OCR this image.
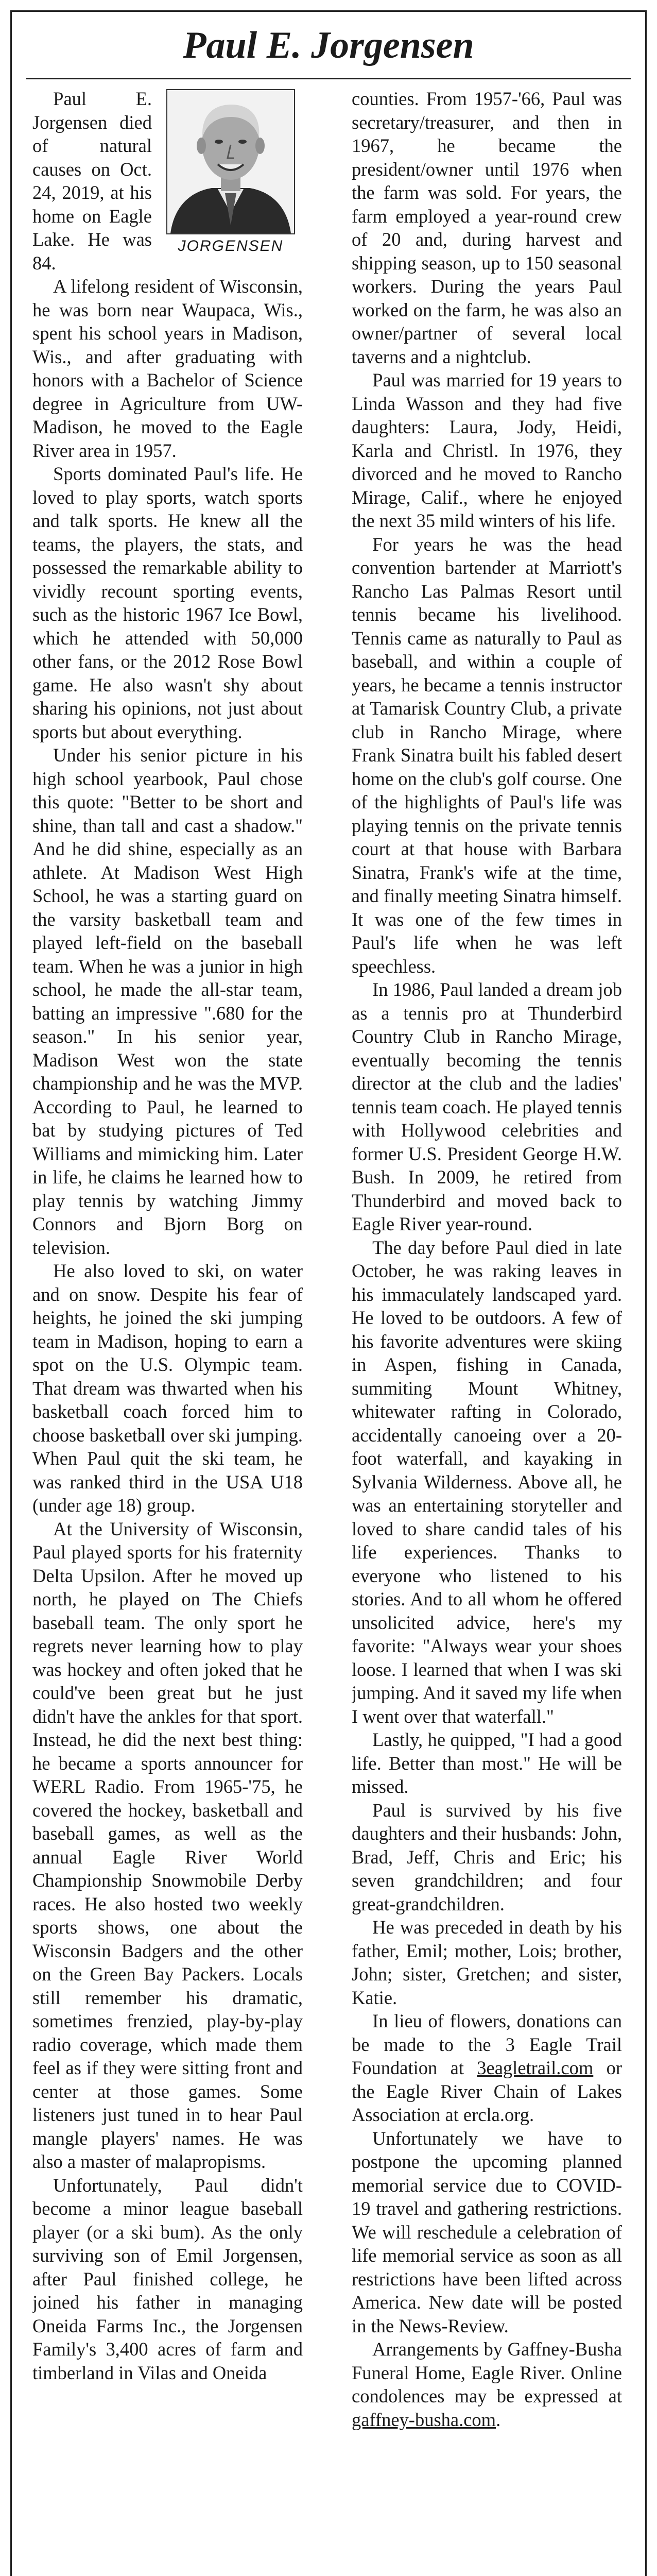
Paul E. Jorgensen
JORGENSEN

Paul E. Jorgensen died of natural causes on Oct. 24, 2019, at his home on Eagle Lake. He was 84.

A lifelong resident of Wisconsin, he was born near Waupaca, Wis., spent his school years in Madison, Wis., and after graduating with honors with a Bachelor of Science degree in Agriculture from UW-Madison, he moved to the Eagle River area in 1957.

Sports dominated Paul's life. He loved to play sports, watch sports and talk sports. He knew all the teams, the players, the stats, and possessed the remarkable ability to vividly recount sporting events, such as the historic 1967 Ice Bowl, which he attended with 50,000 other fans, or the 2012 Rose Bowl game. He also wasn't shy about sharing his opinions, not just about sports but about everything.

Under his senior picture in his high school yearbook, Paul chose this quote: "Better to be short and shine, than tall and cast a shadow." And he did shine, especially as an athlete. At Madison West High School, he was a starting guard on the varsity basketball team and played left-field on the baseball team. When he was a junior in high school, he made the all-star team, batting an impressive ".680 for the season." In his senior year, Madison West won the state championship and he was the MVP. According to Paul, he learned to bat by studying pictures of Ted Williams and mimicking him. Later in life, he claims he learned how to play tennis by watching Jimmy Connors and Bjorn Borg on television.

He also loved to ski, on water and on snow. Despite his fear of heights, he joined the ski jumping team in Madison, hoping to earn a spot on the U.S. Olympic team. That dream was thwarted when his basketball coach forced him to choose basketball over ski jumping. When Paul quit the ski team, he was ranked third in the USA U18 (under age 18) group.

At the University of Wisconsin, Paul played sports for his fraternity Delta Upsilon. After he moved up north, he played on The Chiefs baseball team. The only sport he regrets never learning how to play was hockey and often joked that he could've been great but he just didn't have the ankles for that sport. Instead, he did the next best thing: he became a sports announcer for WERL Radio. From 1965-'75, he covered the hockey, basketball and baseball games, as well as the annual Eagle River World Championship Snowmobile Derby races. He also hosted two weekly sports shows, one about the Wisconsin Badgers and the other on the Green Bay Packers. Locals still remember his dramatic, sometimes frenzied, play-by-play radio coverage, which made them feel as if they were sitting front and center at those games. Some listeners just tuned in to hear Paul mangle players' names. He was also a master of malapropisms.

Unfortunately, Paul didn't become a minor league baseball player (or a ski bum). As the only surviving son of Emil Jorgensen, after Paul finished college, he joined his father in managing Oneida Farms Inc., the Jorgensen Family's 3,400 acres of farm and timberland in Vilas and Oneida

counties. From 1957-'66, Paul was secretary/treasurer, and then in 1967, he became the president/owner until 1976 when the farm was sold. For years, the farm employed a year-round crew of 20 and, during harvest and shipping season, up to 150 seasonal workers. During the years Paul worked on the farm, he was also an owner/partner of several local taverns and a nightclub.

Paul was married for 19 years to Linda Wasson and they had five daughters: Laura, Jody, Heidi, Karla and Christl. In 1976, they divorced and he moved to Rancho Mirage, Calif., where he enjoyed the next 35 mild winters of his life.

For years he was the head convention bartender at Marriott's Rancho Las Palmas Resort until tennis became his livelihood. Tennis came as naturally to Paul as baseball, and within a couple of years, he became a tennis instructor at Tamarisk Country Club, a private club in Rancho Mirage, where Frank Sinatra built his fabled desert home on the club's golf course. One of the highlights of Paul's life was playing tennis on the private tennis court at that house with Barbara Sinatra, Frank's wife at the time, and finally meeting Sinatra himself. It was one of the few times in Paul's life when he was left speechless.

In 1986, Paul landed a dream job as a tennis pro at Thunderbird Country Club in Rancho Mirage, eventually becoming the tennis director at the club and the ladies' tennis team coach. He played tennis with Hollywood celebrities and former U.S. President George H.W. Bush. In 2009, he retired from Thunderbird and moved back to Eagle River year-round.

The day before Paul died in late October, he was raking leaves in his immaculately landscaped yard. He loved to be outdoors. A few of his favorite adventures were skiing in Aspen, fishing in Canada, summiting Mount Whitney, whitewater rafting in Colorado, accidentally canoeing over a 20-foot waterfall, and kayaking in Sylvania Wilderness. Above all, he was an entertaining storyteller and loved to share candid tales of his life experiences. Thanks to everyone who listened to his stories. And to all whom he offered unsolicited advice, here's my favorite: "Always wear your shoes loose. I learned that when I was ski jumping. And it saved my life when I went over that waterfall."

Lastly, he quipped, "I had a good life. Better than most." He will be missed.

Paul is survived by his five daughters and their husbands: John, Brad, Jeff, Chris and Eric; his seven grandchildren; and four great-grandchildren.

He was preceded in death by his father, Emil; mother, Lois; brother, John; sister, Gretchen; and sister, Katie.

In lieu of flowers, donations can be made to the 3 Eagle Trail Foundation at 3eagletrail.com or the Eagle River Chain of Lakes Association at ercla.org.

Unfortunately we have to postpone the upcoming planned memorial service due to COVID-19 travel and gathering restrictions. We will reschedule a celebration of life memorial service as soon as all restrictions have been lifted across America. New date will be posted in the News-Review.

Arrangements by Gaffney-Busha Funeral Home, Eagle River. Online condolences may be expressed at gaffney-busha.com.
